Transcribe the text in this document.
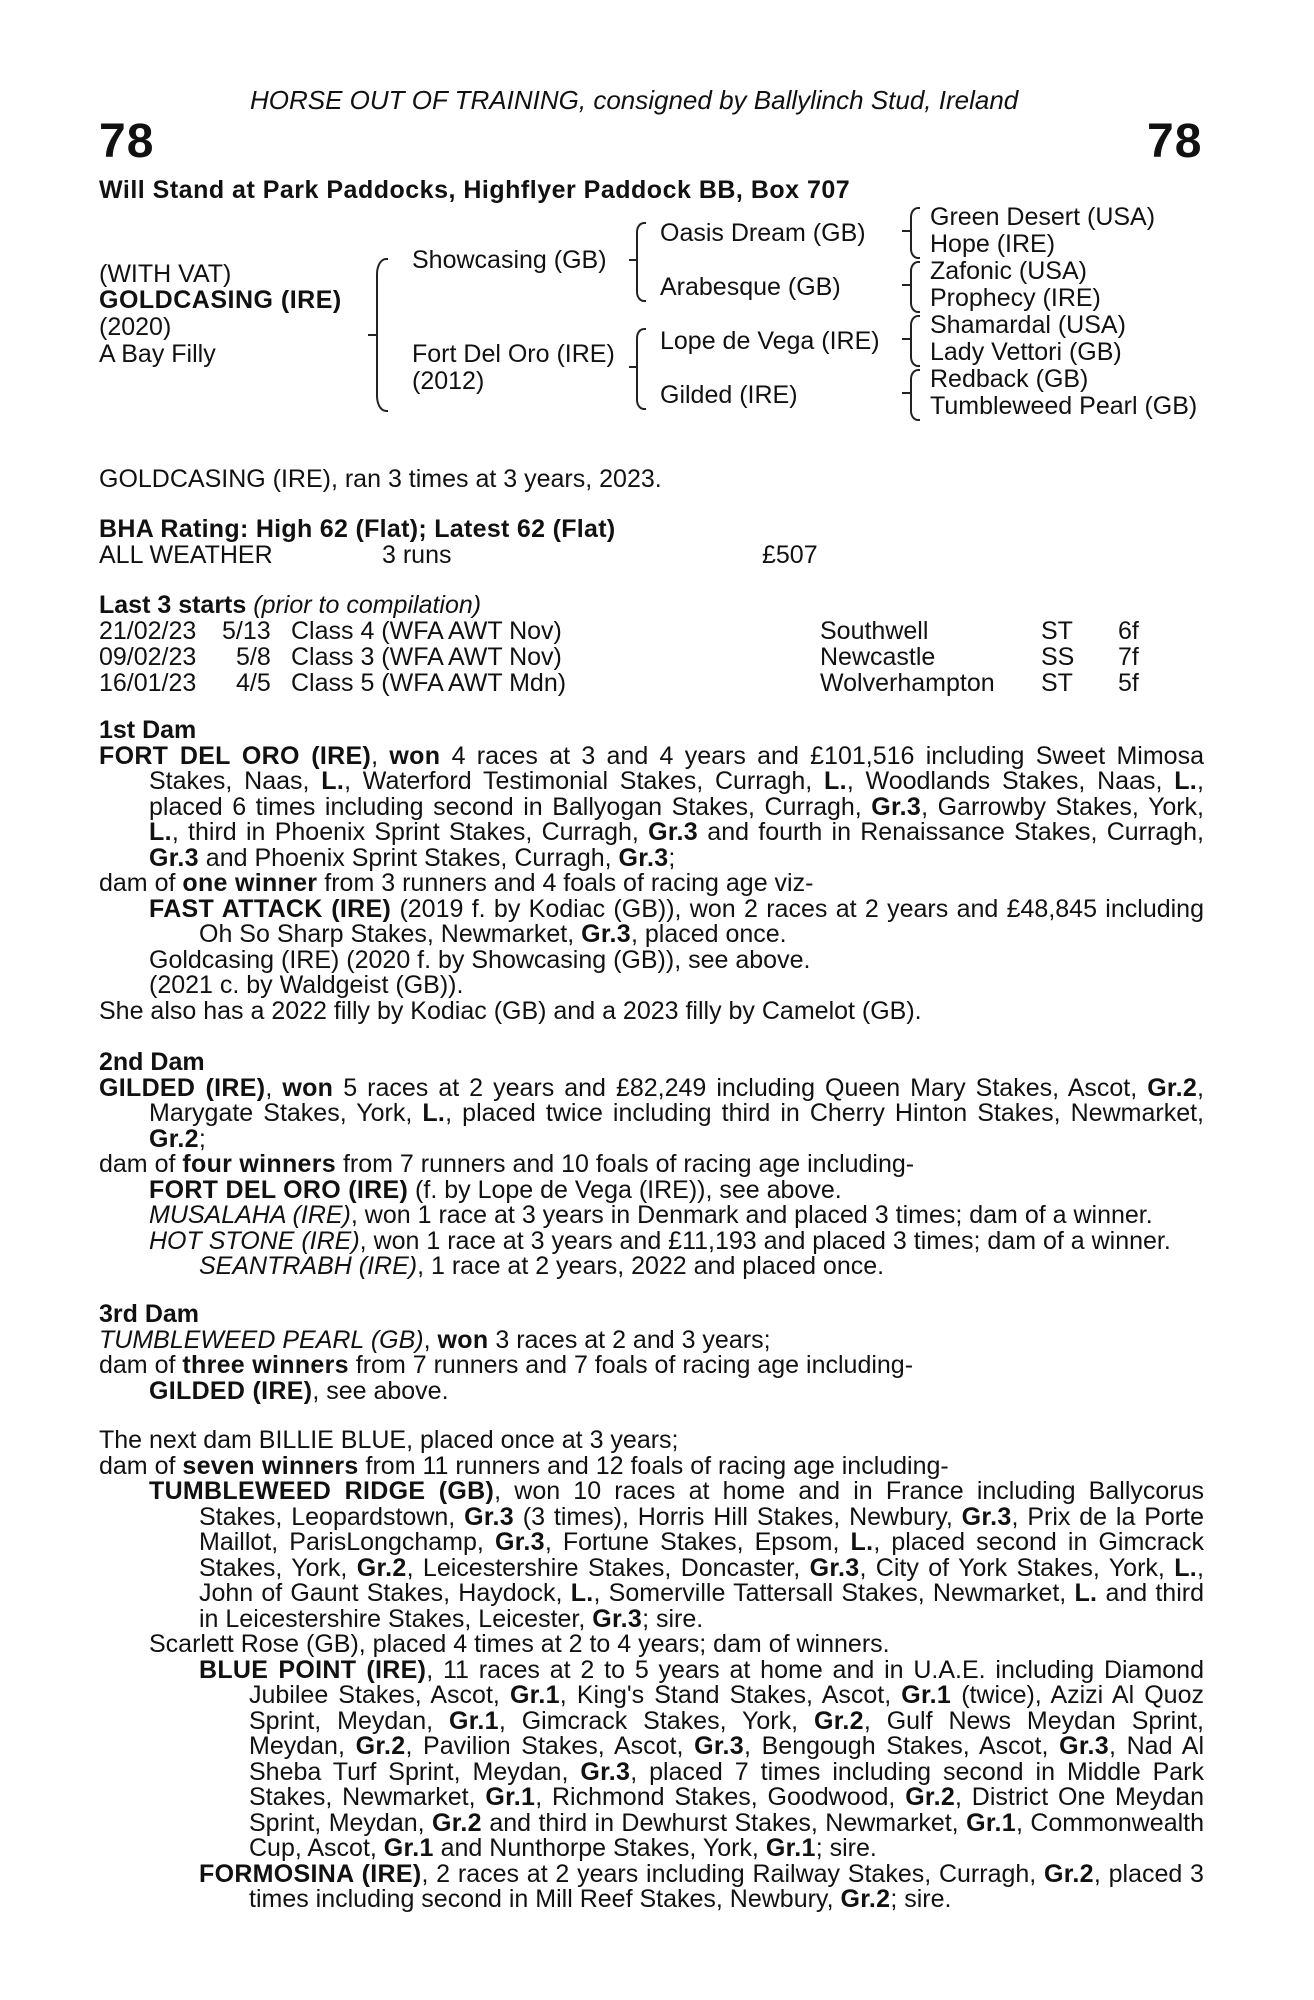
HORSE OUT OF TRAINING, consigned by Ballylinch Stud, Ireland
78	78
Will Stand at Park Paddocks, Highflyer Paddock BB, Box 707
(WITH VAT)
GOLDCASING (IRE)
(2020)
A Bay Filly
Showcasing (GB)
Fort Del Oro (IRE)
(2012)
Oasis Dream (GB)
Arabesque (GB)
Lope de Vega (IRE)
Gilded (IRE)
Green Desert (USA)
Hope (IRE)
Zafonic (USA)
Prophecy (IRE)
Shamardal (USA)
Lady Vettori (GB)
Redback (GB)
Tumbleweed Pearl (GB)
GOLDCASING (IRE), ran 3 times at 3 years, 2023.
BHA Rating: High 62 (Flat); Latest 62 (Flat)
ALL WEATHER	3 runs	£507
Last 3 starts (prior to compilation)
21/02/23 5/13 Class 4 (WFA AWT Nov)	Southwell	ST 6f
09/02/23 5/8 Class 3 (WFA AWT Nov)	Newcastle	SS 7f
16/01/23 4/5 Class 5 (WFA AWT Mdn)	Wolverhampton ST 5f

1st Dam

FORT DEL ORO (IRE), won 4 races at 3 and 4 years and £101,516 including Sweet Mimosa Stakes, Naas, L., Waterford Testimonial Stakes, Curragh, L., Woodlands Stakes, Naas, L., placed 6 times including second in Ballyogan Stakes, Curragh, Gr.3, Garrowby Stakes, York, L., third in Phoenix Sprint Stakes, Curragh, Gr.3 and fourth in Renaissance Stakes, Curragh, Gr.3 and Phoenix Sprint Stakes, Curragh, Gr.3;

dam of one winner from 3 runners and 4 foals of racing age viz-

FAST ATTACK (IRE) (2019 f. by Kodiac (GB)), won 2 races at 2 years and £48,845 including Oh So Sharp Stakes, Newmarket, Gr.3, placed once.

Goldcasing (IRE) (2020 f. by Showcasing (GB)), see above.

(2021 c. by Waldgeist (GB)).

She also has a 2022 filly by Kodiac (GB) and a 2023 filly by Camelot (GB).

2nd Dam

GILDED (IRE), won 5 races at 2 years and £82,249 including Queen Mary Stakes, Ascot, Gr.2, Marygate Stakes, York, L., placed twice including third in Cherry Hinton Stakes, Newmarket, Gr.2;

dam of four winners from 7 runners and 10 foals of racing age including-

FORT DEL ORO (IRE) (f. by Lope de Vega (IRE)), see above.

MUSALAHA (IRE), won 1 race at 3 years in Denmark and placed 3 times; dam of a winner.

HOT STONE (IRE), won 1 race at 3 years and £11,193 and placed 3 times; dam of a winner.

SEANTRABH (IRE), 1 race at 2 years, 2022 and placed once.

3rd Dam

TUMBLEWEED PEARL (GB), won 3 races at 2 and 3 years;

dam of three winners from 7 runners and 7 foals of racing age including-

GILDED (IRE), see above.

The next dam BILLIE BLUE, placed once at 3 years;

dam of seven winners from 11 runners and 12 foals of racing age including-

TUMBLEWEED RIDGE (GB), won 10 races at home and in France including Ballycorus Stakes, Leopardstown, Gr.3 (3 times), Horris Hill Stakes, Newbury, Gr.3, Prix de la Porte Maillot, ParisLongchamp, Gr.3, Fortune Stakes, Epsom, L., placed second in Gimcrack Stakes, York, Gr.2, Leicestershire Stakes, Doncaster, Gr.3, City of York Stakes, York, L., John of Gaunt Stakes, Haydock, L., Somerville Tattersall Stakes, Newmarket, L. and third in Leicestershire Stakes, Leicester, Gr.3; sire.

Scarlett Rose (GB), placed 4 times at 2 to 4 years; dam of winners.

BLUE POINT (IRE), 11 races at 2 to 5 years at home and in U.A.E. including Diamond Jubilee Stakes, Ascot, Gr.1, King's Stand Stakes, Ascot, Gr.1 (twice), Azizi Al Quoz Sprint, Meydan, Gr.1, Gimcrack Stakes, York, Gr.2, Gulf News Meydan Sprint, Meydan, Gr.2, Pavilion Stakes, Ascot, Gr.3, Bengough Stakes, Ascot, Gr.3, Nad Al Sheba Turf Sprint, Meydan, Gr.3, placed 7 times including second in Middle Park Stakes, Newmarket, Gr.1, Richmond Stakes, Goodwood, Gr.2, District One Meydan Sprint, Meydan, Gr.2 and third in Dewhurst Stakes, Newmarket, Gr.1, Commonwealth Cup, Ascot, Gr.1 and Nunthorpe Stakes, York, Gr.1; sire.

FORMOSINA (IRE), 2 races at 2 years including Railway Stakes, Curragh, Gr.2, placed 3 times including second in Mill Reef Stakes, Newbury, Gr.2; sire.
